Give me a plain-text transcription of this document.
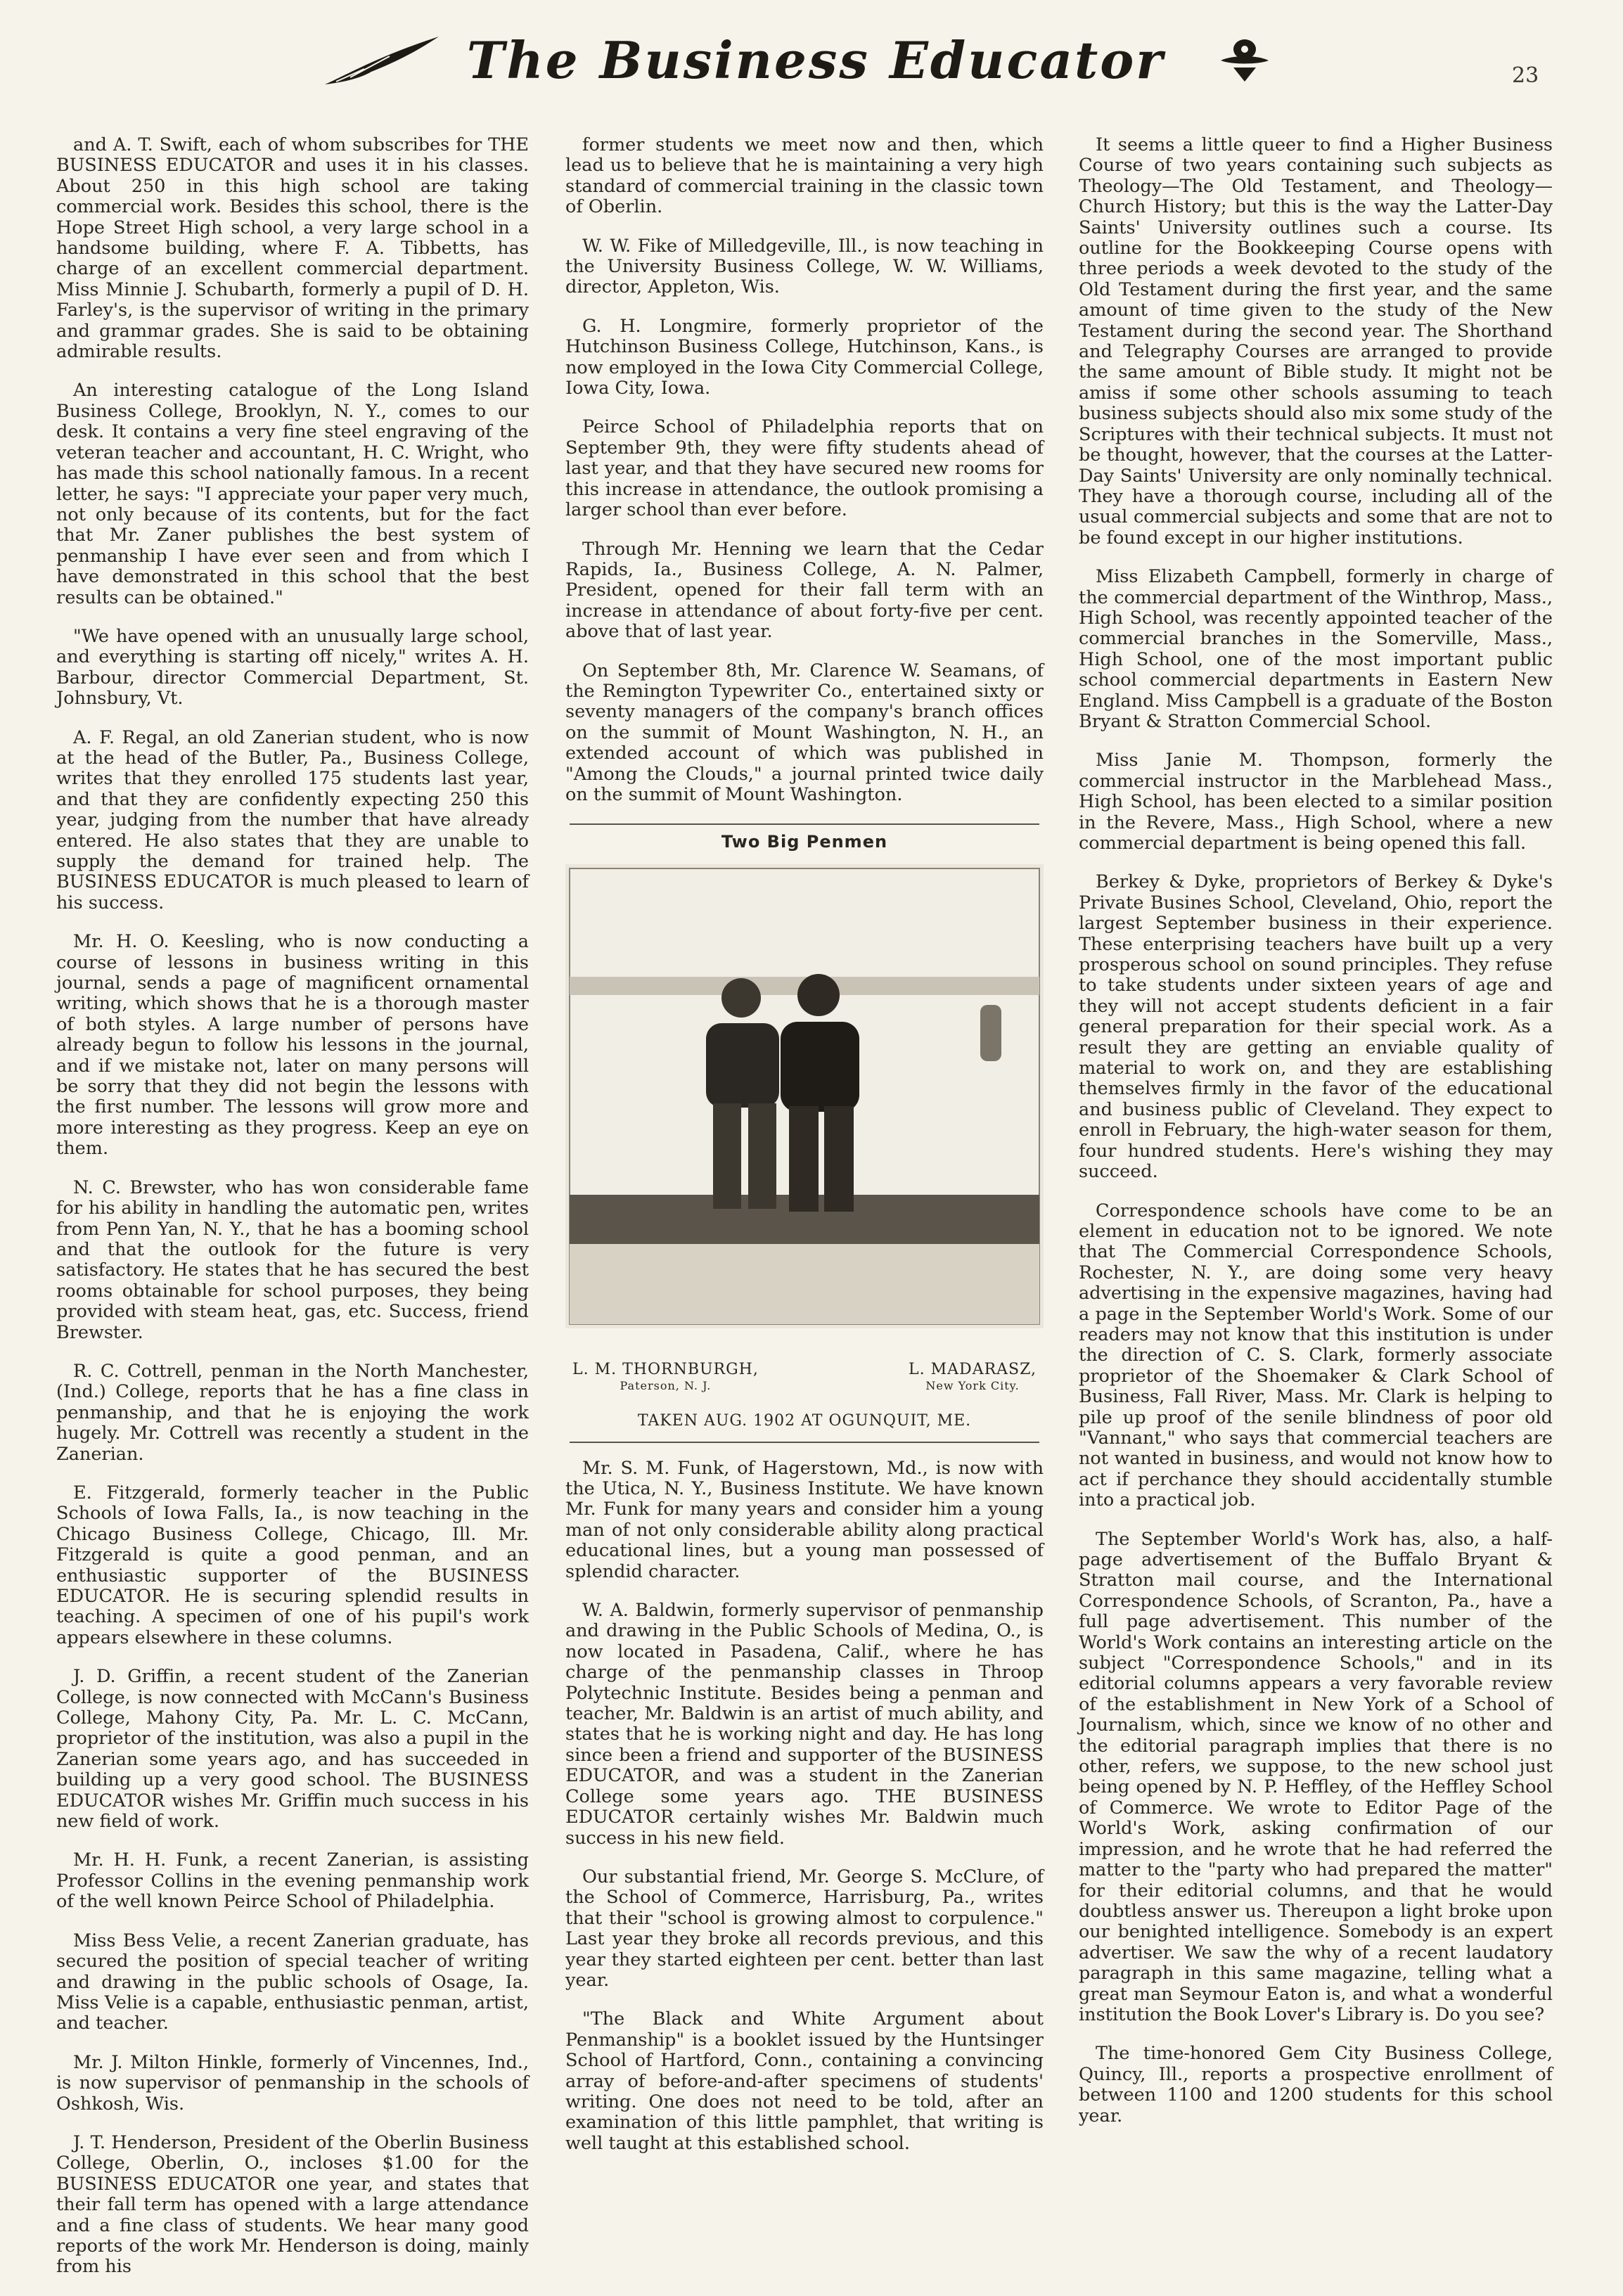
The Business Educator	23

and A. T. Swift, each of whom subscribes for THE BUSINESS EDUCATOR and uses it in his classes. About 250 in this high school are taking commercial work. Besides this school, there is the Hope Street High school, a very large school in a handsome building, where F. A. Tibbetts, has charge of an excellent commercial department. Miss Minnie J. Schubarth, formerly a pupil of D. H. Farley's, is the supervisor of writing in the primary and grammar grades. She is said to be obtaining admirable results.

An interesting catalogue of the Long Island Business College, Brooklyn, N. Y., comes to our desk. It contains a very fine steel engraving of the veteran teacher and accountant, H. C. Wright, who has made this school nationally famous. In a recent letter, he says: "I appreciate your paper very much, not only because of its contents, but for the fact that Mr. Zaner publishes the best system of penmanship I have ever seen and from which I have demonstrated in this school that the best results can be obtained."

"We have opened with an unusually large school, and everything is starting off nicely," writes A. H. Barbour, director Commercial Department, St. Johnsbury, Vt.

A. F. Regal, an old Zanerian student, who is now at the head of the Butler, Pa., Business College, writes that they enrolled 175 students last year, and that they are confidently expecting 250 this year, judging from the number that have already entered. He also states that they are unable to supply the demand for trained help. The BUSINESS EDUCATOR is much pleased to learn of his success.

Mr. H. O. Keesling, who is now conducting a course of lessons in business writing in this journal, sends a page of magnificent ornamental writing, which shows that he is a thorough master of both styles. A large number of persons have already begun to follow his lessons in the journal, and if we mistake not, later on many persons will be sorry that they did not begin the lessons with the first number. The lessons will grow more and more interesting as they progress. Keep an eye on them.

N. C. Brewster, who has won considerable fame for his ability in handling the automatic pen, writes from Penn Yan, N. Y., that he has a booming school and that the outlook for the future is very satisfactory. He states that he has secured the best rooms obtainable for school purposes, they being provided with steam heat, gas, etc. Success, friend Brewster.

R. C. Cottrell, penman in the North Manchester, (Ind.) College, reports that he has a fine class in penmanship, and that he is enjoying the work hugely. Mr. Cottrell was recently a student in the Zanerian.

E. Fitzgerald, formerly teacher in the Public Schools of Iowa Falls, Ia., is now teaching in the Chicago Business College, Chicago, Ill. Mr. Fitzgerald is quite a good penman, and an enthusiastic supporter of the BUSINESS EDUCATOR. He is securing splendid results in teaching. A specimen of one of his pupil's work appears elsewhere in these columns.

J. D. Griffin, a recent student of the Zanerian College, is now connected with McCann's Business College, Mahony City, Pa. Mr. L. C. McCann, proprietor of the institution, was also a pupil in the Zanerian some years ago, and has succeeded in building up a very good school. The BUSINESS EDUCATOR wishes Mr. Griffin much success in his new field of work.

Mr. H. H. Funk, a recent Zanerian, is assisting Professor Collins in the evening penmanship work of the well known Peirce School of Philadelphia.

Miss Bess Velie, a recent Zanerian graduate, has secured the position of special teacher of writing and drawing in the public schools of Osage, Ia. Miss Velie is a capable, enthusiastic penman, artist, and teacher.

Mr. J. Milton Hinkle, formerly of Vincennes, Ind., is now supervisor of penmanship in the schools of Oshkosh, Wis.

J. T. Henderson, President of the Oberlin Business College, Oberlin, O., incloses $1.00 for the BUSINESS EDUCATOR one year, and states that their fall term has opened with a large attendance and a fine class of students. We hear many good reports of the work Mr. Henderson is doing, mainly from his

former students we meet now and then, which lead us to believe that he is maintaining a very high standard of commercial training in the classic town of Oberlin.

W. W. Fike of Milledgeville, Ill., is now teaching in the University Business College, W. W. Williams, director, Appleton, Wis.

G. H. Longmire, formerly proprietor of the Hutchinson Business College, Hutchinson, Kans., is now employed in the Iowa City Commercial College, Iowa City, Iowa.

Peirce School of Philadelphia reports that on September 9th, they were fifty students ahead of last year, and that they have secured new rooms for this increase in attendance, the outlook promising a larger school than ever before.

Through Mr. Henning we learn that the Cedar Rapids, Ia., Business College, A. N. Palmer, President, opened for their fall term with an increase in attendance of about forty-five per cent. above that of last year.

On September 8th, Mr. Clarence W. Seamans, of the Remington Typewriter Co., entertained sixty or seventy managers of the company's branch offices on the summit of Mount Washington, N. H., an extended account of which was published in "Among the Clouds," a journal printed twice daily on the summit of Mount Washington.

Two Big Penmen
L. M. THORNBURGH,
Paterson, N. J.
L. MADARASZ,
New York City.
TAKEN AUG. 1902 AT OGUNQUIT, ME.

Mr. S. M. Funk, of Hagerstown, Md., is now with the Utica, N. Y., Business Institute. We have known Mr. Funk for many years and consider him a young man of not only considerable ability along practical educational lines, but a young man possessed of splendid character.

W. A. Baldwin, formerly supervisor of penmanship and drawing in the Public Schools of Medina, O., is now located in Pasadena, Calif., where he has charge of the penmanship classes in Throop Polytechnic Institute. Besides being a penman and teacher, Mr. Baldwin is an artist of much ability, and states that he is working night and day. He has long since been a friend and supporter of the BUSINESS EDUCATOR, and was a student in the Zanerian College some years ago. THE BUSINESS EDUCATOR certainly wishes Mr. Baldwin much success in his new field.

Our substantial friend, Mr. George S. McClure, of the School of Commerce, Harrisburg, Pa., writes that their "school is growing almost to corpulence." Last year they broke all records previous, and this year they started eighteen per cent. better than last year.

"The Black and White Argument about Penmanship" is a booklet issued by the Huntsinger School of Hartford, Conn., containing a convincing array of before-and-after specimens of students' writing. One does not need to be told, after an examination of this little pamphlet, that writing is well taught at this established school.

It seems a little queer to find a Higher Business Course of two years containing such subjects as Theology—The Old Testament, and Theology—Church History; but this is the way the Latter-Day Saints' University outlines such a course. Its outline for the Bookkeeping Course opens with three periods a week devoted to the study of the Old Testament during the first year, and the same amount of time given to the study of the New Testament during the second year. The Shorthand and Telegraphy Courses are arranged to provide the same amount of Bible study. It might not be amiss if some other schools assuming to teach business subjects should also mix some study of the Scriptures with their technical subjects. It must not be thought, however, that the courses at the Latter-Day Saints' University are only nominally technical. They have a thorough course, including all of the usual commercial subjects and some that are not to be found except in our higher institutions.

Miss Elizabeth Campbell, formerly in charge of the commercial department of the Winthrop, Mass., High School, was recently appointed teacher of the commercial branches in the Somerville, Mass., High School, one of the most important public school commercial departments in Eastern New England. Miss Campbell is a graduate of the Boston Bryant & Stratton Commercial School.

Miss Janie M. Thompson, formerly the commercial instructor in the Marblehead Mass., High School, has been elected to a similar position in the Revere, Mass., High School, where a new commercial department is being opened this fall.

Berkey & Dyke, proprietors of Berkey & Dyke's Private Busines School, Cleveland, Ohio, report the largest September business in their experience. These enterprising teachers have built up a very prosperous school on sound principles. They refuse to take students under sixteen years of age and they will not accept students deficient in a fair general preparation for their special work. As a result they are getting an enviable quality of material to work on, and they are establishing themselves firmly in the favor of the educational and business public of Cleveland. They expect to enroll in February, the high-water season for them, four hundred students. Here's wishing they may succeed.

Correspondence schools have come to be an element in education not to be ignored. We note that The Commercial Correspondence Schools, Rochester, N. Y., are doing some very heavy advertising in the expensive magazines, having had a page in the September World's Work. Some of our readers may not know that this institution is under the direction of C. S. Clark, formerly associate proprietor of the Shoemaker & Clark School of Business, Fall River, Mass. Mr. Clark is helping to pile up proof of the senile blindness of poor old "Vannant," who says that commercial teachers are not wanted in business, and would not know how to act if perchance they should accidentally stumble into a practical job.

The September World's Work has, also, a half-page advertisement of the Buffalo Bryant & Stratton mail course, and the International Correspondence Schools, of Scranton, Pa., have a full page advertisement. This number of the World's Work contains an interesting article on the subject "Correspondence Schools," and in its editorial columns appears a very favorable review of the establishment in New York of a School of Journalism, which, since we know of no other and the editorial paragraph implies that there is no other, refers, we suppose, to the new school just being opened by N. P. Heffley, of the Heffley School of Commerce. We wrote to Editor Page of the World's Work, asking confirmation of our impression, and he wrote that he had referred the matter to the "party who had prepared the matter" for their editorial columns, and that he would doubtless answer us. Thereupon a light broke upon our benighted intelligence. Somebody is an expert advertiser. We saw the why of a recent laudatory paragraph in this same magazine, telling what a great man Seymour Eaton is, and what a wonderful institution the Book Lover's Library is. Do you see?

The time-honored Gem City Business College, Quincy, Ill., reports a prospective enrollment of between 1100 and 1200 students for this school year.
